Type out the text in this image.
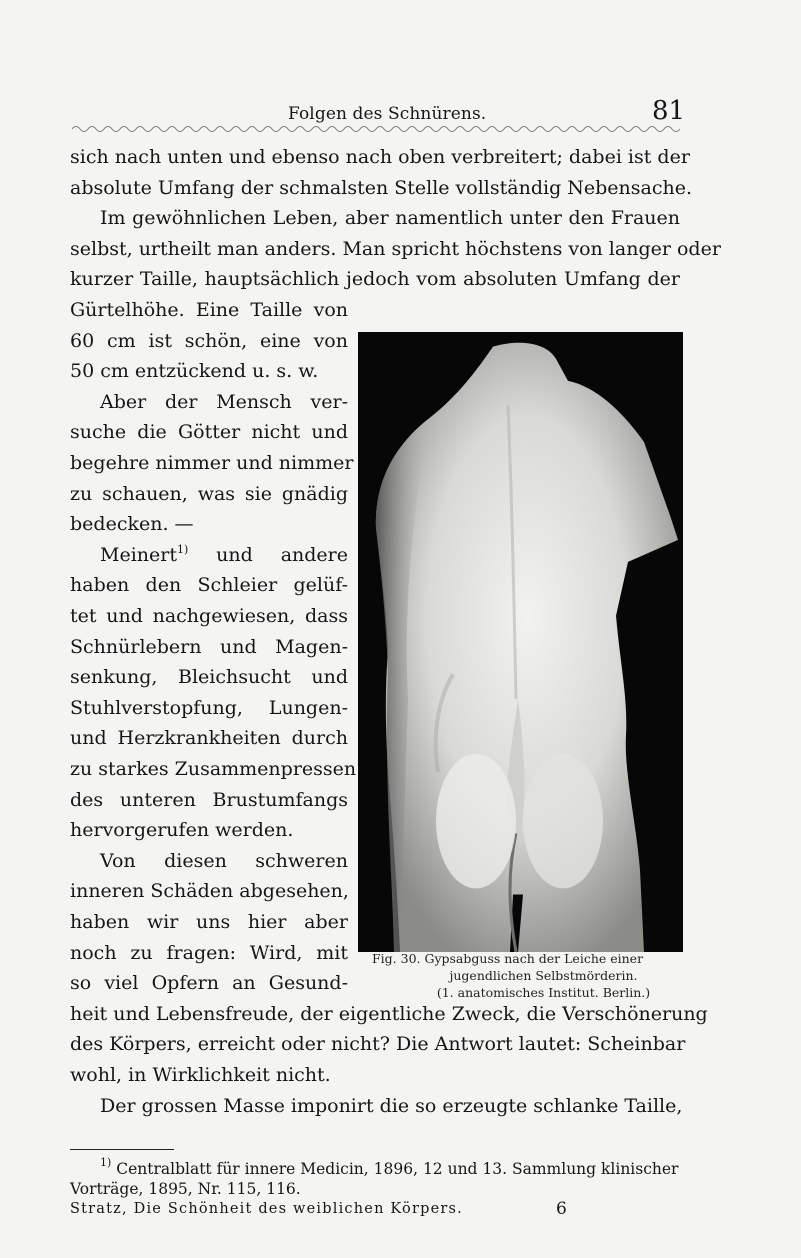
Folgen des Schnürens.	81

sich nach unten und ebenso nach oben verbreitert; dabei ist der

absolute Umfang der schmalsten Stelle vollständig Nebensache.

Im gewöhnlichen Leben, aber namentlich unter den Frauen

selbst, urtheilt man anders. Man spricht höchstens von langer oder

kurzer Taille, hauptsächlich jedoch vom absoluten Umfang der

Gürtelhöhe. Eine Taille von

60 cm ist schön, eine von

50 cm entzückend u. s. w.

Aber der Mensch ver-

suche die Götter nicht und

begehre nimmer und nimmer

zu schauen, was sie gnädig

bedecken. —

Meinert$^{1)}$ und andere

haben den Schleier gelüf-

tet und nachgewiesen, dass

Schnürlebern und Magen-

senkung, Bleichsucht und

Stuhlverstopfung, Lungen-

und Herzkrankheiten durch

zu starkes Zusammenpressen

des unteren Brustumfangs

hervorgerufen werden.

Von diesen schweren

inneren Schäden abgesehen,

haben wir uns hier aber

noch zu fragen: Wird, mit

so viel Opfern an Gesund-

heit und Lebensfreude, der eigentliche Zweck, die Verschönerung

des Körpers, erreicht oder nicht? Die Antwort lautet: Scheinbar

wohl, in Wirklichkeit nicht.

Der grossen Masse imponirt die so erzeugte schlanke Taille,

Fig. 30. Gypsabguss nach der Leiche einer
jugendlichen Selbstmörderin.
(1. anatomisches Institut. Berlin.)

$^{1)}$ Centralblatt für innere Medicin, 1896, 12 und 13. Sammlung klinischer

Vorträge, 1895, Nr. 115, 116.

Stratz, Die Schönheit des weiblichen Körpers.	6
